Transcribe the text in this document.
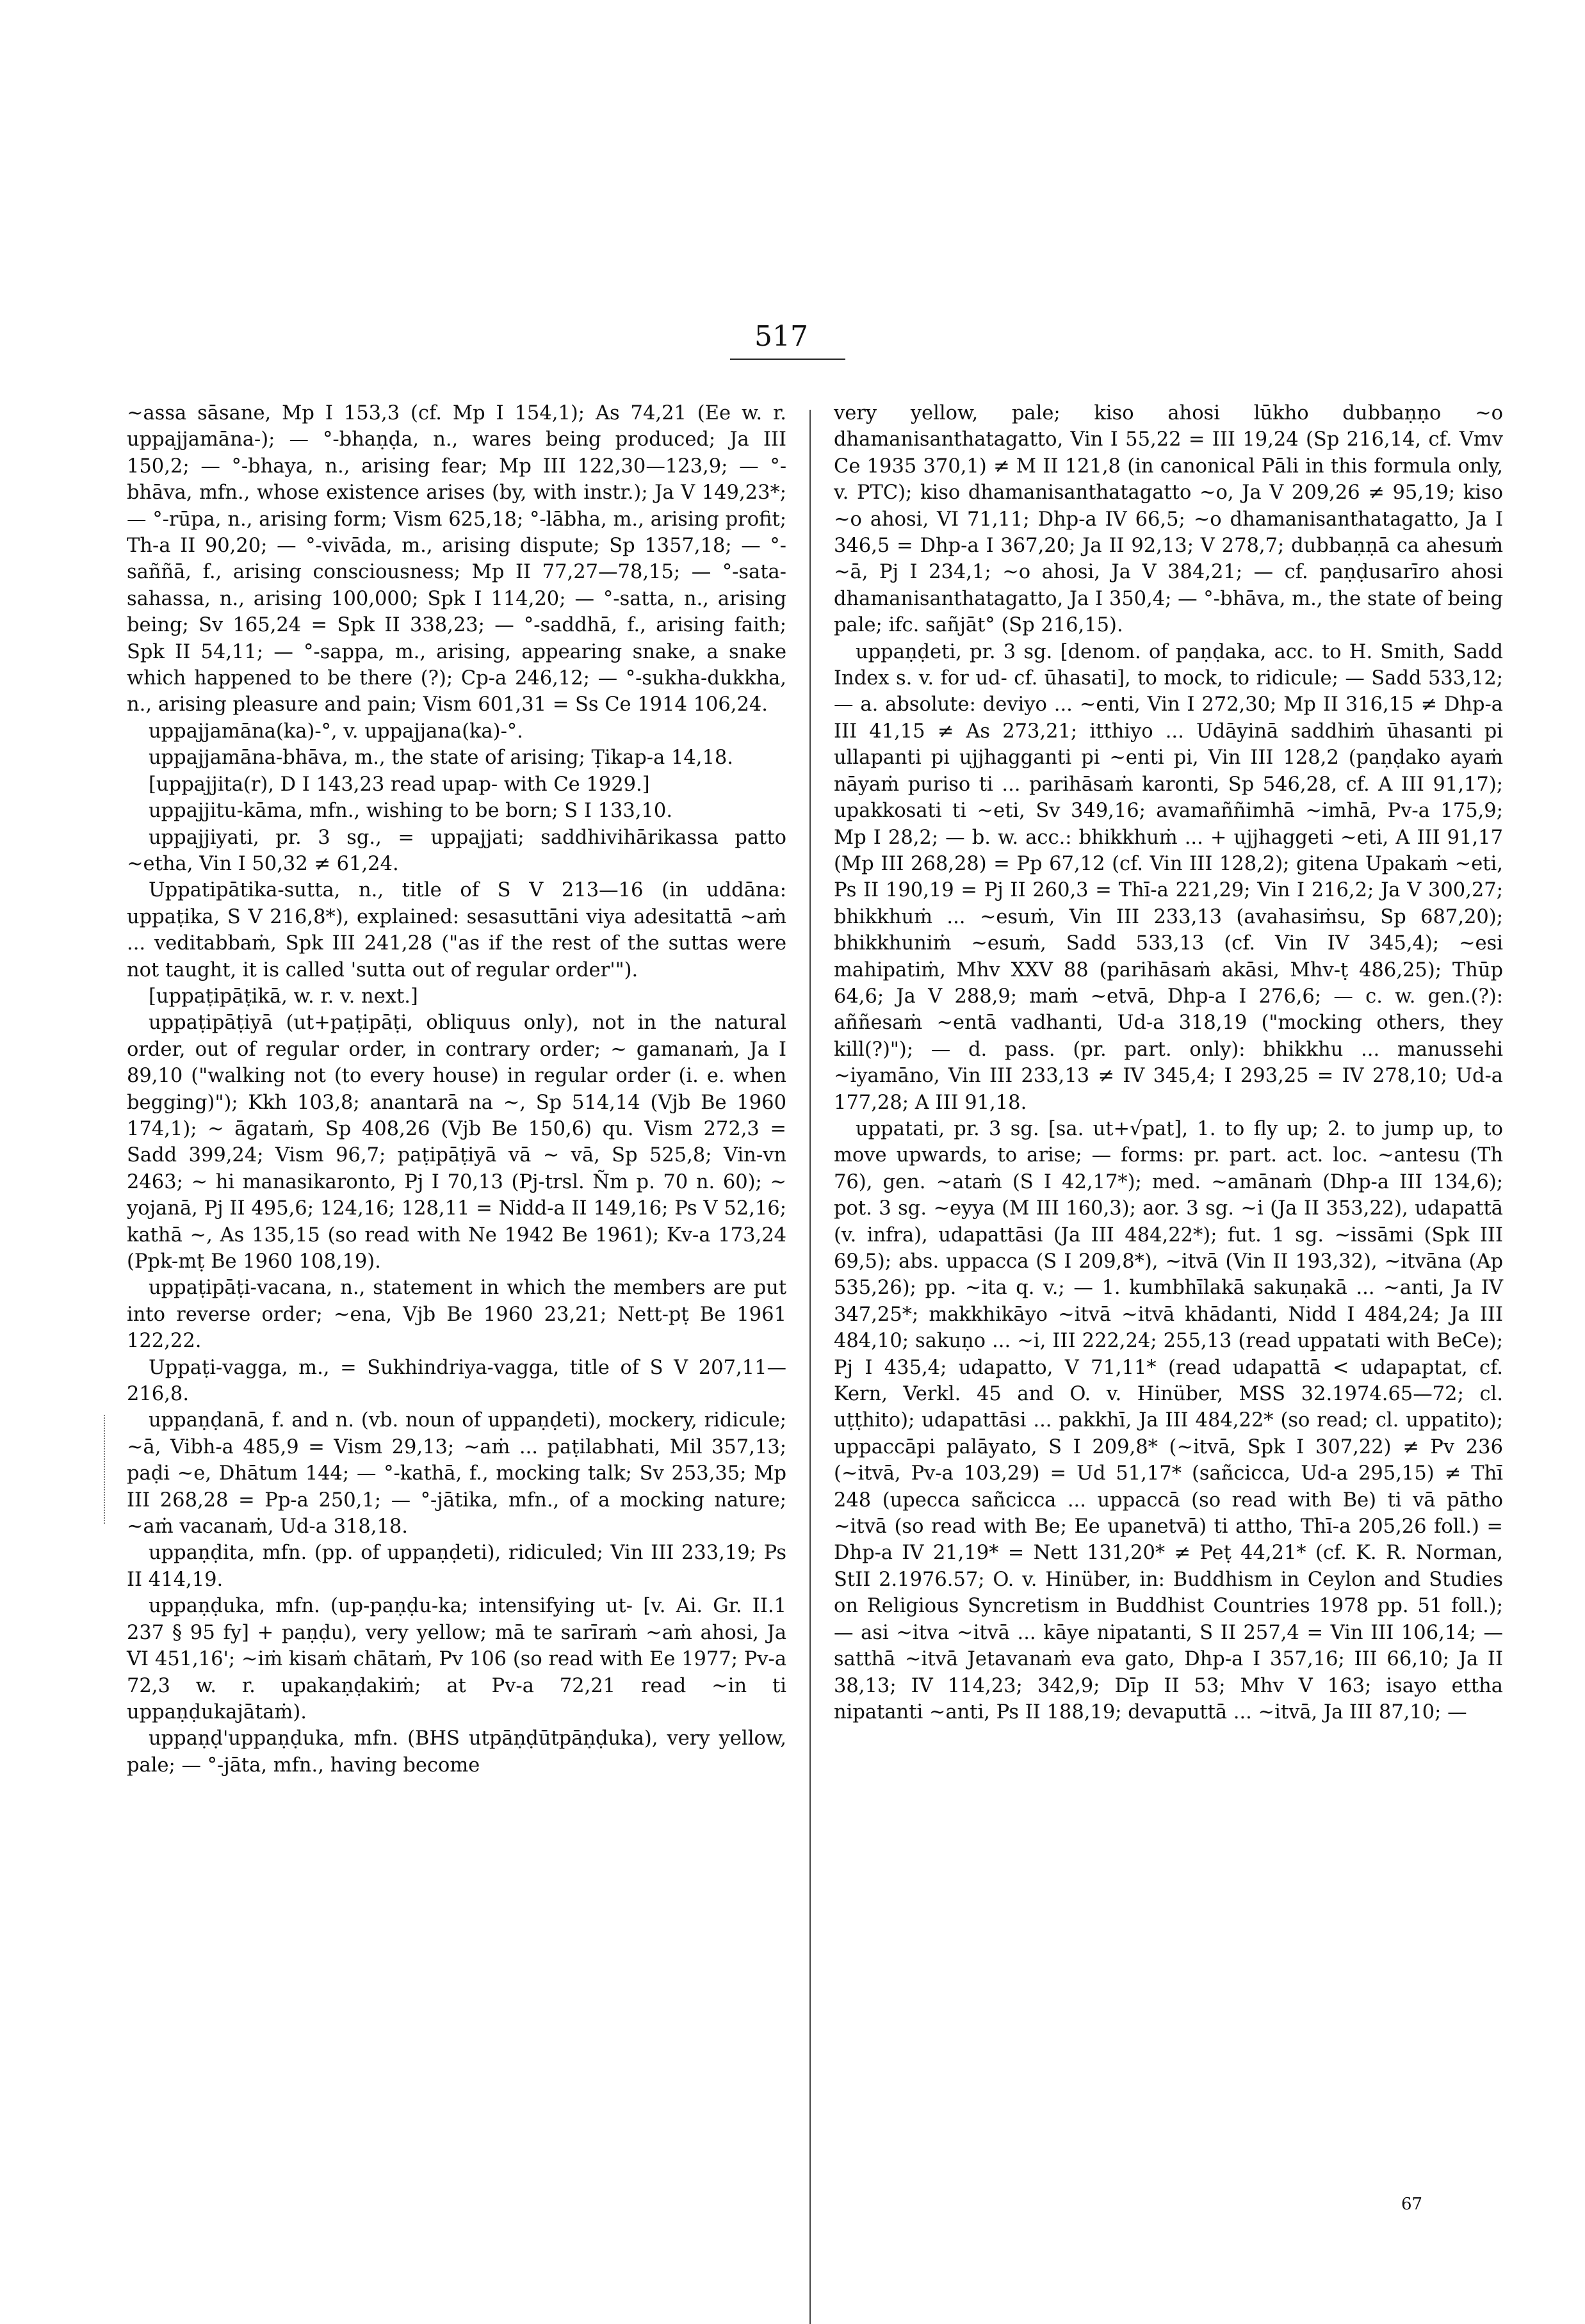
517

~assa sāsane, Mp I 153,3 (cf. Mp I 154,1); As 74,21 (Ee w. r. uppajjamāna-); — °-bhaṇḍa, n., wares being produced; Ja III 150,2; — °-bhaya, n., arising fear; Mp III 122,30—123,9; — °-bhāva, mfn., whose existence arises (by, with instr.); Ja V 149,23*; — °-rūpa, n., arising form; Vism 625,18; °-lābha, m., arising profit; Th-a II 90,20; — °-vivāda, m., arising dispute; Sp 1357,18; — °-saññā, f., arising consciousness; Mp II 77,27—78,15; — °-sata-sahassa, n., arising 100,000; Spk I 114,20; — °-satta, n., arising being; Sv 165,24 = Spk II 338,23; — °-saddhā, f., arising faith; Spk II 54,11; — °-sappa, m., arising, appearing snake, a snake which happened to be there (?); Cp-a 246,12; — °-sukha-dukkha, n., arising pleasure and pain; Vism 601,31 = Ss Ce 1914 106,24.

uppajjamāna(ka)-°, v. uppajjana(ka)-°.

uppajjamāna-bhāva, m., the state of arising; Ṭikap-a 14,18.

[uppajjita(r), D I 143,23 read upap- with Ce 1929.]

uppajjitu-kāma, mfn., wishing to be born; S I 133,10.

uppajjiyati, pr. 3 sg., = uppajjati; saddhivihārikassa patto ~etha, Vin I 50,32 ≠ 61,24.

Uppatipātika-sutta, n., title of S V 213—16 (in uddāna: uppaṭika, S V 216,8*), explained: sesasuttāni viya adesitattā ~aṁ ... veditabbaṁ, Spk III 241,28 ("as if the rest of the suttas were not taught, it is called 'sutta out of regular order'").

[uppaṭipāṭikā, w. r. v. next.]

uppaṭipāṭiyā (ut+paṭipāṭi, obliquus only), not in the natural order, out of regular order, in contrary order; ~ gamanaṁ, Ja I 89,10 ("walking not (to every house) in regular order (i. e. when begging)"); Kkh 103,8; anantarā na ~, Sp 514,14 (Vjb Be 1960 174,1); ~ āgataṁ, Sp 408,26 (Vjb Be 150,6) qu. Vism 272,3 = Sadd 399,24; Vism 96,7; paṭipāṭiyā vā ~ vā, Sp 525,8; Vin-vn 2463; ~ hi manasikaronto, Pj I 70,13 (Pj-trsl. Ñm p. 70 n. 60); ~ yojanā, Pj II 495,6; 124,16; 128,11 = Nidd-a II 149,16; Ps V 52,16; kathā ~, As 135,15 (so read with Ne 1942 Be 1961); Kv-a 173,24 (Ppk-mṭ Be 1960 108,19).

uppaṭipāṭi-vacana, n., statement in which the members are put into reverse order; ~ena, Vjb Be 1960 23,21; Nett-pṭ Be 1961 122,22.

Uppaṭi-vagga, m., = Sukhindriya-vagga, title of S V 207,11—216,8.

uppaṇḍanā, f. and n. (vb. noun of uppaṇḍeti), mockery, ridicule; ~ā, Vibh-a 485,9 = Vism 29,13; ~aṁ ... paṭilabhati, Mil 357,13; paḍi ~e, Dhātum 144; — °-kathā, f., mocking talk; Sv 253,35; Mp III 268,28 = Pp-a 250,1; — °-jātika, mfn., of a mocking nature; ~aṁ vacanaṁ, Ud-a 318,18.

uppaṇḍita, mfn. (pp. of uppaṇḍeti), ridiculed; Vin III 233,19; Ps II 414,19.

uppaṇḍuka, mfn. (up-paṇḍu-ka; intensifying ut- [v. Ai. Gr. II.1 237 § 95 fy] + paṇḍu), very yellow; mā te sarīraṁ ~aṁ ahosi, Ja VI 451,16'; ~iṁ kisaṁ chātaṁ, Pv 106 (so read with Ee 1977; Pv-a 72,3 w. r. upakaṇḍakiṁ; at Pv-a 72,21 read ~in ti uppaṇḍukajātaṁ).

uppaṇḍ'uppaṇḍuka, mfn. (BHS utpāṇḍūtpāṇḍuka), very yellow, pale; — °-jāta, mfn., having become

very yellow, pale; kiso ahosi lūkho dubbaṇṇo ~o dhamanisanthatagatto, Vin I 55,22 = III 19,24 (Sp 216,14, cf. Vmv Ce 1935 370,1) ≠ M II 121,8 (in canonical Pāli in this formula only, v. PTC); kiso dhamanisanthatagatto ~o, Ja V 209,26 ≠ 95,19; kiso ~o ahosi, VI 71,11; Dhp-a IV 66,5; ~o dhamanisanthatagatto, Ja I 346,5 = Dhp-a I 367,20; Ja II 92,13; V 278,7; dubbaṇṇā ca ahesuṁ ~ā, Pj I 234,1; ~o ahosi, Ja V 384,21; — cf. paṇḍusarīro ahosi dhamanisanthatagatto, Ja I 350,4; — °-bhāva, m., the state of being pale; ifc. sañjāt° (Sp 216,15).

uppaṇḍeti, pr. 3 sg. [denom. of paṇḍaka, acc. to H. Smith, Sadd Index s. v. for ud- cf. ūhasati], to mock, to ridicule; — Sadd 533,12; — a. absolute: deviyo ... ~enti, Vin I 272,30; Mp II 316,15 ≠ Dhp-a III 41,15 ≠ As 273,21; itthiyo ... Udāyinā saddhiṁ ūhasanti pi ullapanti pi ujjhagganti pi ~enti pi, Vin III 128,2 (paṇḍako ayaṁ nāyaṁ puriso ti ... parihāsaṁ karonti, Sp 546,28, cf. A III 91,17); upakkosati ti ~eti, Sv 349,16; avamaññimhā ~imhā, Pv-a 175,9; Mp I 28,2; — b. w. acc.: bhikkhuṁ ... + ujjhaggeti ~eti, A III 91,17 (Mp III 268,28) = Pp 67,12 (cf. Vin III 128,2); gitena Upakaṁ ~eti, Ps II 190,19 = Pj II 260,3 = Thī-a 221,29; Vin I 216,2; Ja V 300,27; bhikkhuṁ ... ~esuṁ, Vin III 233,13 (avahasiṁsu, Sp 687,20); bhikkhuniṁ ~esuṁ, Sadd 533,13 (cf. Vin IV 345,4); ~esi mahipatiṁ, Mhv XXV 88 (parihāsaṁ akāsi, Mhv-ṭ 486,25); Thūp 64,6; Ja V 288,9; maṁ ~etvā, Dhp-a I 276,6; — c. w. gen.(?): aññesaṁ ~entā vadhanti, Ud-a 318,19 ("mocking others, they kill(?)"); — d. pass. (pr. part. only): bhikkhu ... manussehi ~iyamāno, Vin III 233,13 ≠ IV 345,4; I 293,25 = IV 278,10; Ud-a 177,28; A III 91,18.

uppatati, pr. 3 sg. [sa. ut+√pat], 1. to fly up; 2. to jump up, to move upwards, to arise; — forms: pr. part. act. loc. ~antesu (Th 76), gen. ~ataṁ (S I 42,17*); med. ~amānaṁ (Dhp-a III 134,6); pot. 3 sg. ~eyya (M III 160,3); aor. 3 sg. ~i (Ja II 353,22), udapattā (v. infra), udapattāsi (Ja III 484,22*); fut. 1 sg. ~issāmi (Spk III 69,5); abs. uppacca (S I 209,8*), ~itvā (Vin II 193,32), ~itvāna (Ap 535,26); pp. ~ita q. v.; — 1. kumbhīlakā sakuṇakā ... ~anti, Ja IV 347,25*; makkhikāyo ~itvā ~itvā khādanti, Nidd I 484,24; Ja III 484,10; sakuṇo ... ~i, III 222,24; 255,13 (read uppatati with BeCe); Pj I 435,4; udapatto, V 71,11* (read udapattā < udapaptat, cf. Kern, Verkl. 45 and O. v. Hinüber, MSS 32.1974.65—72; cl. uṭṭhito); udapattāsi ... pakkhī, Ja III 484,22* (so read; cl. uppatito); uppaccāpi palāyato, S I 209,8* (~itvā, Spk I 307,22) ≠ Pv 236 (~itvā, Pv-a 103,29) = Ud 51,17* (sañcicca, Ud-a 295,15) ≠ Thī 248 (upecca sañcicca ... uppaccā (so read with Be) ti vā pātho ~itvā (so read with Be; Ee upanetvā) ti attho, Thī-a 205,26 foll.) = Dhp-a IV 21,19* = Nett 131,20* ≠ Peṭ 44,21* (cf. K. R. Norman, StII 2.1976.57; O. v. Hinüber, in: Buddhism in Ceylon and Studies on Religious Syncretism in Buddhist Countries 1978 pp. 51 foll.); — asi ~itva ~itvā ... kāye nipatanti, S II 257,4 = Vin III 106,14; — satthā ~itvā Jetavanaṁ eva gato, Dhp-a I 357,16; III 66,10; Ja II 38,13; IV 114,23; 342,9; Dīp II 53; Mhv V 163; isayo ettha nipatanti ~anti, Ps II 188,19; devaputtā ... ~itvā, Ja III 87,10; —

67
